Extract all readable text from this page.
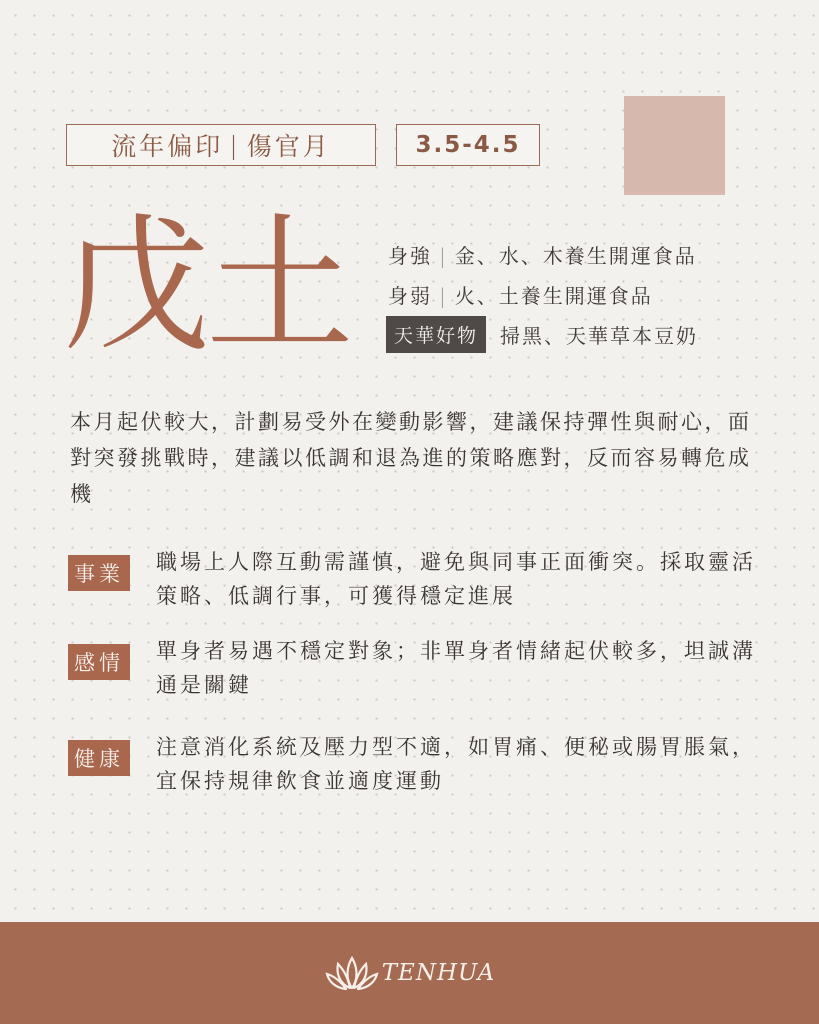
流年偏印 | 傷官月	3.5-4.5
戊土 身強 | 金、水、木養生開運食品
身弱 | 火、土養生開運食品
天華好物	掃黑、天華草本豆奶

本月起伏較大，計劃易受外在變動影響，建議保持彈性與耐心，面對突發挑戰時，建議以低調和退為進的策略應對，反而容易轉危成機

事業 職場上人際互動需謹慎，避免與同事正面衝突。採取靈活策略、低調行事，可獲得穩定進展

感情 單身者易遇不穩定對象；非單身者情緒起伏較多，坦誠溝通是關鍵

健康 注意消化系統及壓力型不適，如胃痛、便秘或腸胃脹氣，宜保持規律飲食並適度運動

TENHUA
